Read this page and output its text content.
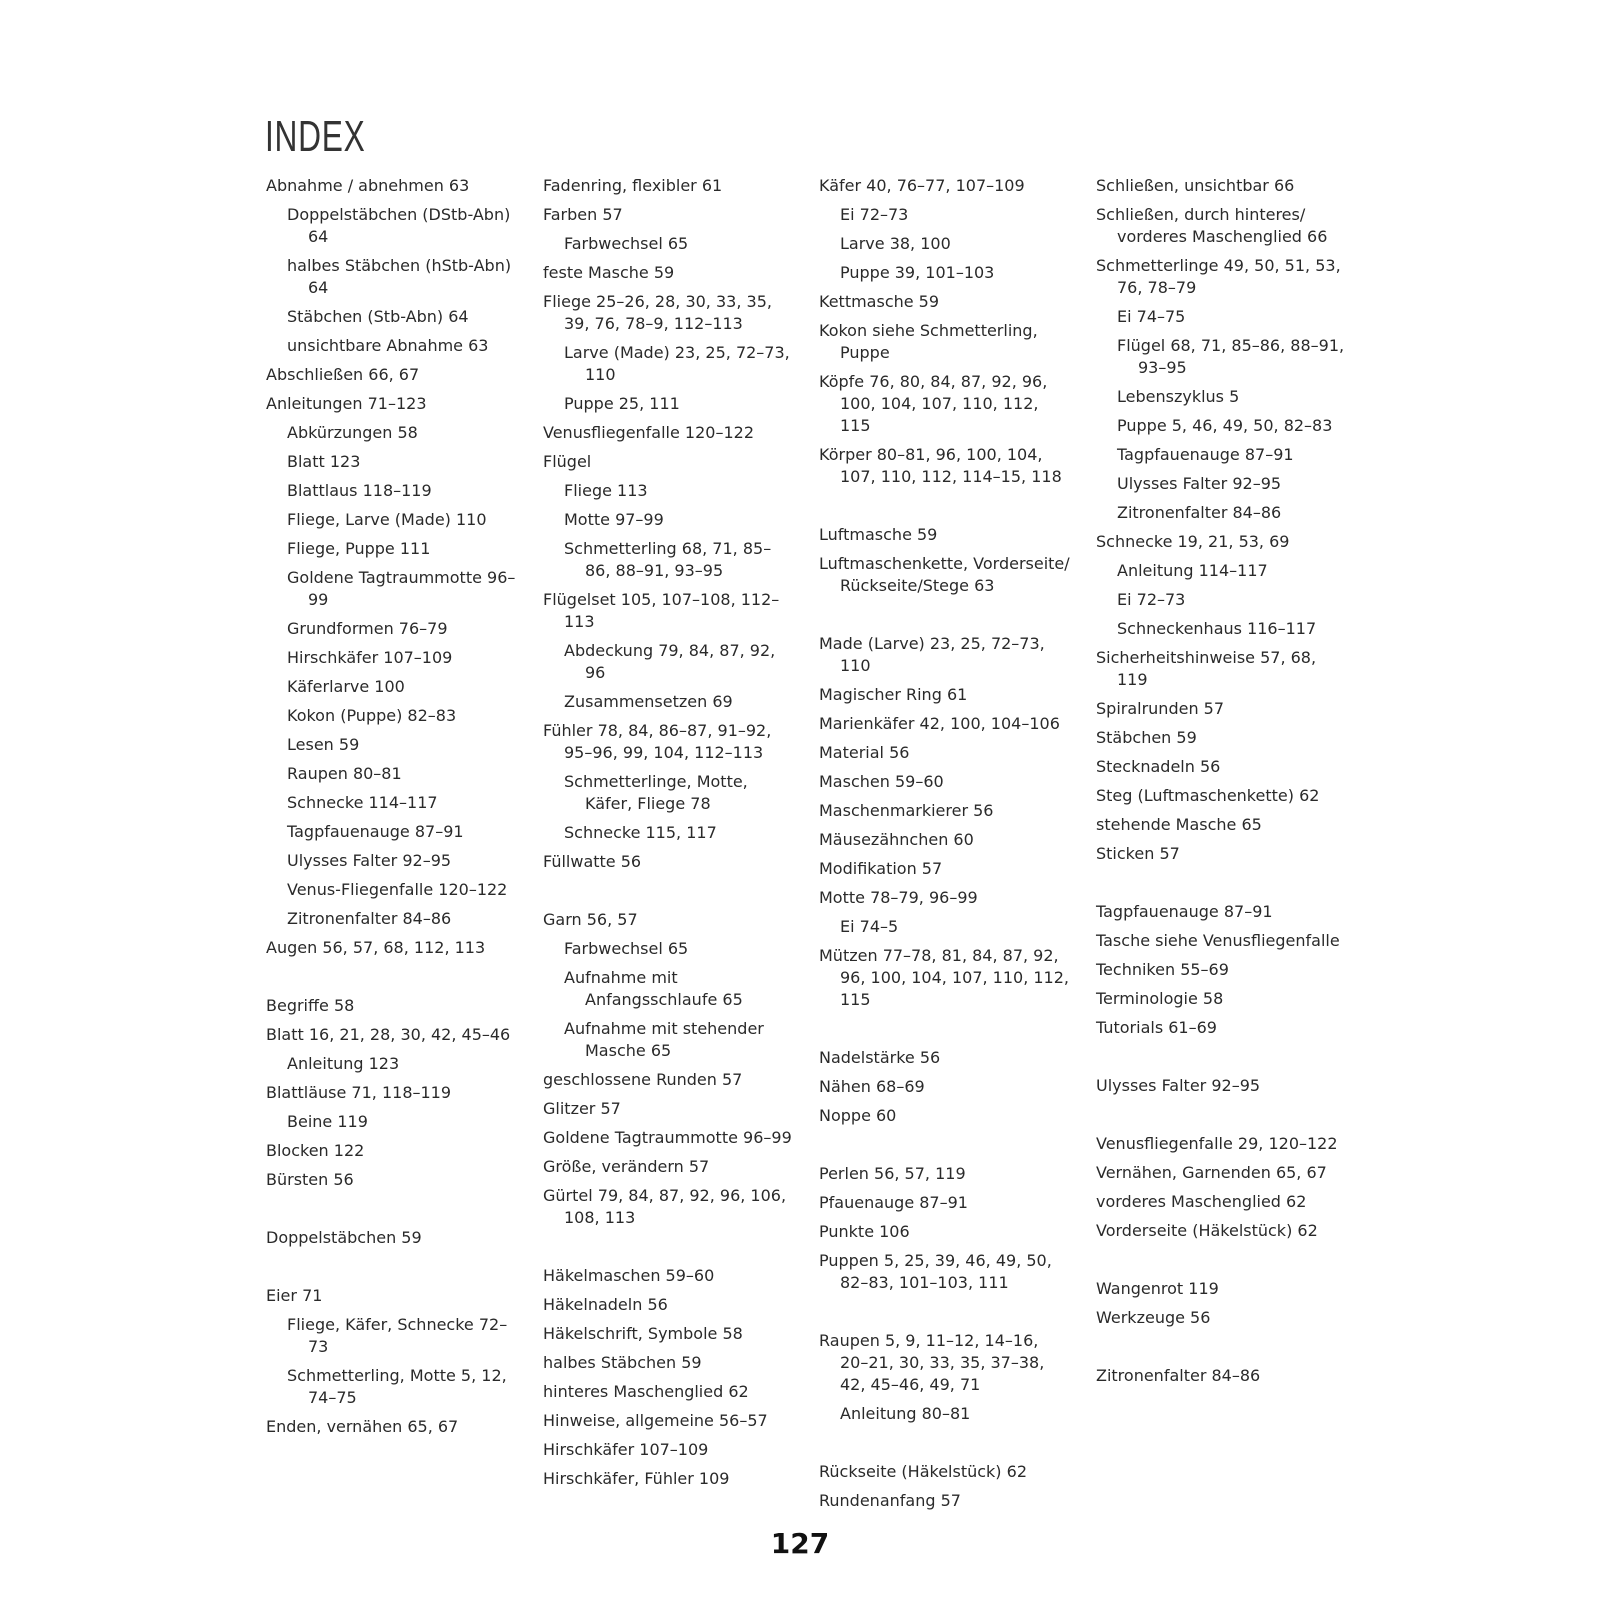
INDEX
Abnahme / abnehmen 63
Doppelstäbchen (DStb-Abn) 64
halbes Stäbchen (hStb-Abn) 64
Stäbchen (Stb-Abn) 64
unsichtbare Abnahme 63
Abschließen 66, 67
Anleitungen 71–123
Abkürzungen 58
Blatt 123
Blattlaus 118–119
Fliege, Larve (Made) 110
Fliege, Puppe 111
Goldene Tagtraummotte 96–99
Grundformen 76–79
Hirschkäfer 107–109
Käferlarve 100
Kokon (Puppe) 82–83
Lesen 59
Raupen 80–81
Schnecke 114–117
Tagpfauenauge 87–91
Ulysses Falter 92–95
Venus-Fliegenfalle 120–122
Zitronenfalter 84–86
Augen 56, 57, 68, 112, 113
Begriffe 58
Blatt 16, 21, 28, 30, 42, 45–46
Anleitung 123
Blattläuse 71, 118–119
Beine 119
Blocken 122
Bürsten 56
Doppelstäbchen 59
Eier 71
Fliege, Käfer, Schnecke 72–73
Schmetterling, Motte 5, 12, 74–75
Enden, vernähen 65, 67
Fadenring, flexibler 61
Farben 57
Farbwechsel 65
feste Masche 59
Fliege 25–26, 28, 30, 33, 35, 39, 76, 78–9, 112–113
Larve (Made) 23, 25, 72–73, 110
Puppe 25, 111
Venusfliegenfalle 120–122
Flügel
Fliege 113
Motte 97–99
Schmetterling 68, 71, 85–86, 88–91, 93–95
Flügelset 105, 107–108, 112–113
Abdeckung 79, 84, 87, 92, 96
Zusammensetzen 69
Fühler 78, 84, 86–87, 91–92, 95–96, 99, 104, 112–113
Schmetterlinge, Motte, Käfer, Fliege 78
Schnecke 115, 117
Füllwatte 56
Garn 56, 57
Farbwechsel 65
Aufnahme mit Anfangsschlaufe 65
Aufnahme mit stehender Masche 65
geschlossene Runden 57
Glitzer 57
Goldene Tagtraummotte 96–99
Größe, verändern 57
Gürtel 79, 84, 87, 92, 96, 106, 108, 113
Häkelmaschen 59–60
Häkelnadeln 56
Häkelschrift, Symbole 58
halbes Stäbchen 59
hinteres Maschenglied 62
Hinweise, allgemeine 56–57
Hirschkäfer 107–109
Hirschkäfer, Fühler 109
Käfer 40, 76–77, 107–109
Ei 72–73
Larve 38, 100
Puppe 39, 101–103
Kettmasche 59
Kokon siehe Schmetterling, Puppe
Köpfe 76, 80, 84, 87, 92, 96, 100, 104, 107, 110, 112, 115
Körper 80–81, 96, 100, 104, 107, 110, 112, 114–15, 118
Luftmasche 59
Luftmaschenkette, Vorderseite/ Rückseite/Stege 63
Made (Larve) 23, 25, 72–73, 110
Magischer Ring 61
Marienkäfer 42, 100, 104–106
Material 56
Maschen 59–60
Maschenmarkierer 56
Mäusezähnchen 60
Modifikation 57
Motte 78–79, 96–99
Ei 74–5
Mützen 77–78, 81, 84, 87, 92, 96, 100, 104, 107, 110, 112, 115
Nadelstärke 56
Nähen 68–69
Noppe 60
Perlen 56, 57, 119
Pfauenauge 87–91
Punkte 106
Puppen 5, 25, 39, 46, 49, 50, 82–83, 101–103, 111
Raupen 5, 9, 11–12, 14–16, 20–21, 30, 33, 35, 37–38, 42, 45–46, 49, 71
Anleitung 80–81
Rückseite (Häkelstück) 62
Rundenanfang 57
Schließen, unsichtbar 66
Schließen, durch hinteres/ vorderes Maschenglied 66
Schmetterlinge 49, 50, 51, 53, 76, 78–79
Ei 74–75
Flügel 68, 71, 85–86, 88–91, 93–95
Lebenszyklus 5
Puppe 5, 46, 49, 50, 82–83
Tagpfauenauge 87–91
Ulysses Falter 92–95
Zitronenfalter 84–86
Schnecke 19, 21, 53, 69
Anleitung 114–117
Ei 72–73
Schneckenhaus 116–117
Sicherheitshinweise 57, 68, 119
Spiralrunden 57
Stäbchen 59
Stecknadeln 56
Steg (Luftmaschenkette) 62
stehende Masche 65
Sticken 57
Tagpfauenauge 87–91
Tasche siehe Venusfliegenfalle
Techniken 55–69
Terminologie 58
Tutorials 61–69
Ulysses Falter 92–95
Venusfliegenfalle 29, 120–122
Vernähen, Garnenden 65, 67
vorderes Maschenglied 62
Vorderseite (Häkelstück) 62
Wangenrot 119
Werkzeuge 56
Zitronenfalter 84–86
127
